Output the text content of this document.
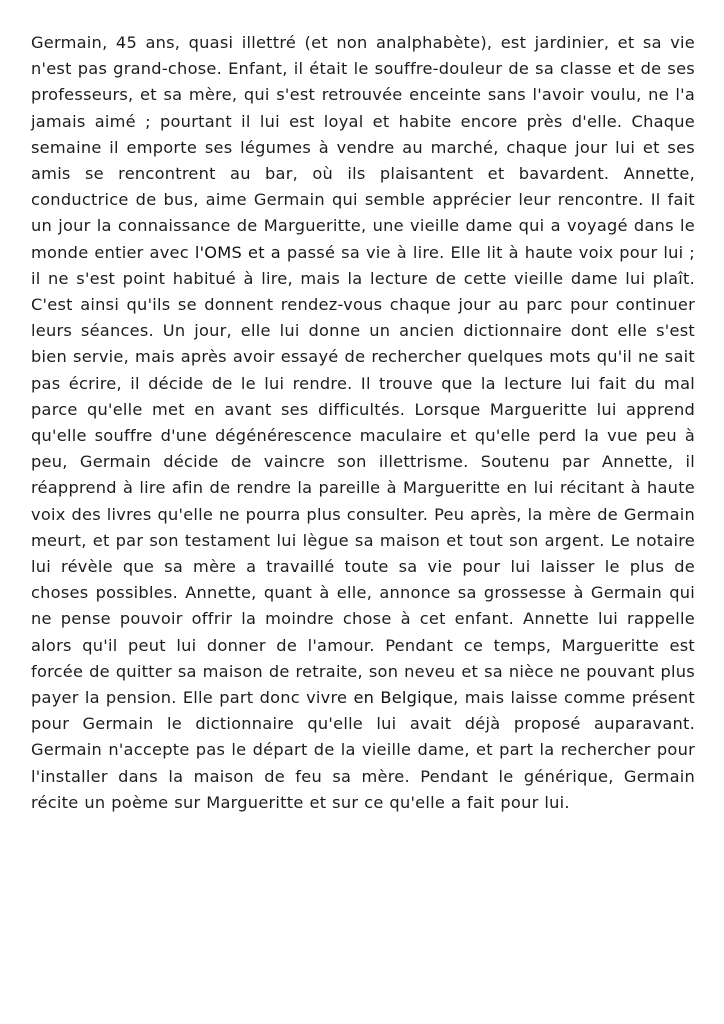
Germain, 45 ans, quasi illettré (et non analphabète), est jardinier, et sa vie n'est pas grand-chose. Enfant, il était le souffre-douleur de sa classe et de ses professeurs, et sa mère, qui s'est retrouvée enceinte sans l'avoir voulu, ne l'a jamais aimé ; pourtant il lui est loyal et habite encore près d'elle. Chaque semaine il emporte ses légumes à vendre au marché, chaque jour lui et ses amis se rencontrent au bar, où ils plaisantent et bavardent. Annette, conductrice de bus, aime Germain qui semble apprécier leur rencontre. Il fait un jour la connaissance de Margueritte, une vieille dame qui a voyagé dans le monde entier avec l'OMS et a passé sa vie à lire. Elle lit à haute voix pour lui ; il ne s'est point habitué à lire, mais la lecture de cette vieille dame lui plaît. C'est ainsi qu'ils se donnent rendez-vous chaque jour au parc pour continuer leurs séances. Un jour, elle lui donne un ancien dictionnaire dont elle s'est bien servie, mais après avoir essayé de rechercher quelques mots qu'il ne sait pas écrire, il décide de le lui rendre. Il trouve que la lecture lui fait du mal parce qu'elle met en avant ses difficultés. Lorsque Margueritte lui apprend qu'elle souffre d'une dégénérescence maculaire et qu'elle perd la vue peu à peu, Germain décide de vaincre son illettrisme. Soutenu par Annette, il réapprend à lire afin de rendre la pareille à Margueritte en lui récitant à haute voix des livres qu'elle ne pourra plus consulter. Peu après, la mère de Germain meurt, et par son testament lui lègue sa maison et tout son argent. Le notaire lui révèle que sa mère a travaillé toute sa vie pour lui laisser le plus de choses possibles. Annette, quant à elle, annonce sa grossesse à Germain qui ne pense pouvoir offrir la moindre chose à cet enfant. Annette lui rappelle alors qu'il peut lui donner de l'amour. Pendant ce temps, Margueritte est forcée de quitter sa maison de retraite, son neveu et sa nièce ne pouvant plus payer la pension. Elle part donc vivre en Belgique, mais laisse comme présent pour Germain le dictionnaire qu'elle lui avait déjà proposé auparavant. Germain n'accepte pas le départ de la vieille dame, et part la rechercher pour l'installer dans la maison de feu sa mère. Pendant le générique, Germain récite un poème sur Margueritte et sur ce qu'elle a fait pour lui.
